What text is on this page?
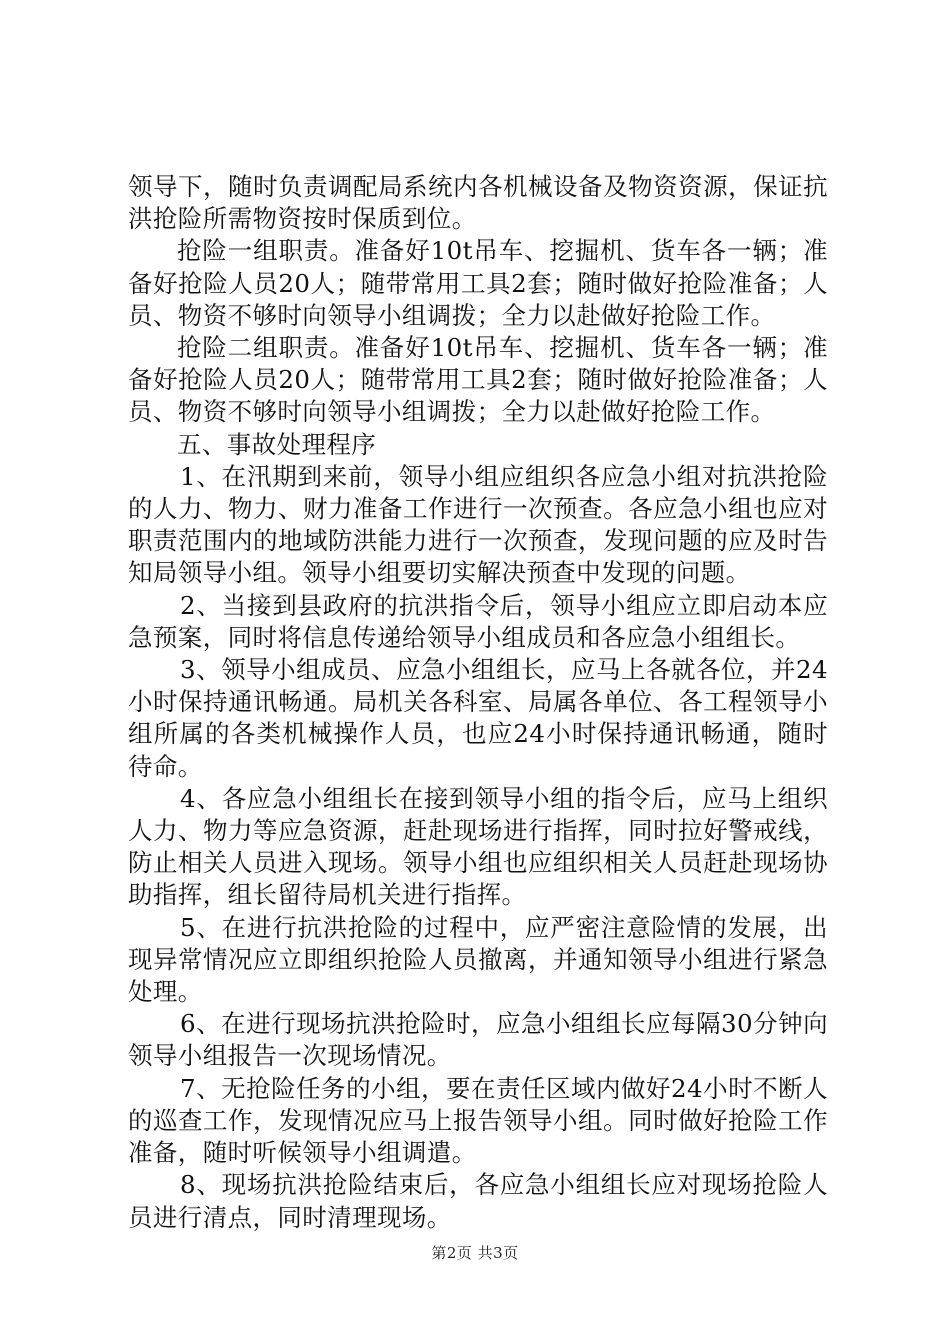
领导下，随时负责调配局系统内各机械设备及物资资源，保证抗洪抢险所需物资按时保质到位。

抢险一组职责。准备好10t吊车、挖掘机、货车各一辆；准备好抢险人员20人；随带常用工具2套；随时做好抢险准备；人员、物资不够时向领导小组调拨；全力以赴做好抢险工作。

抢险二组职责。准备好10t吊车、挖掘机、货车各一辆；准备好抢险人员20人；随带常用工具2套；随时做好抢险准备；人员、物资不够时向领导小组调拨；全力以赴做好抢险工作。

五、事故处理程序

1、在汛期到来前，领导小组应组织各应急小组对抗洪抢险的人力、物力、财力准备工作进行一次预查。各应急小组也应对职责范围内的地域防洪能力进行一次预查，发现问题的应及时告知局领导小组。领导小组要切实解决预查中发现的问题。

2、当接到县政府的抗洪指令后，领导小组应立即启动本应急预案，同时将信息传递给领导小组成员和各应急小组组长。

3、领导小组成员、应急小组组长，应马上各就各位，并24小时保持通讯畅通。局机关各科室、局属各单位、各工程领导小组所属的各类机械操作人员，也应24小时保持通讯畅通，随时待命。

4、各应急小组组长在接到领导小组的指令后，应马上组织人力、物力等应急资源，赶赴现场进行指挥，同时拉好警戒线，防止相关人员进入现场。领导小组也应组织相关人员赶赴现场协助指挥，组长留待局机关进行指挥。

5、在进行抗洪抢险的过程中，应严密注意险情的发展，出现异常情况应立即组织抢险人员撤离，并通知领导小组进行紧急处理。

6、在进行现场抗洪抢险时，应急小组组长应每隔30分钟向领导小组报告一次现场情况。

7、无抢险任务的小组，要在责任区域内做好24小时不断人的巡查工作，发现情况应马上报告领导小组。同时做好抢险工作准备，随时听候领导小组调遣。

8、现场抗洪抢险结束后，各应急小组组长应对现场抢险人员进行清点，同时清理现场。

第2页 共3页
